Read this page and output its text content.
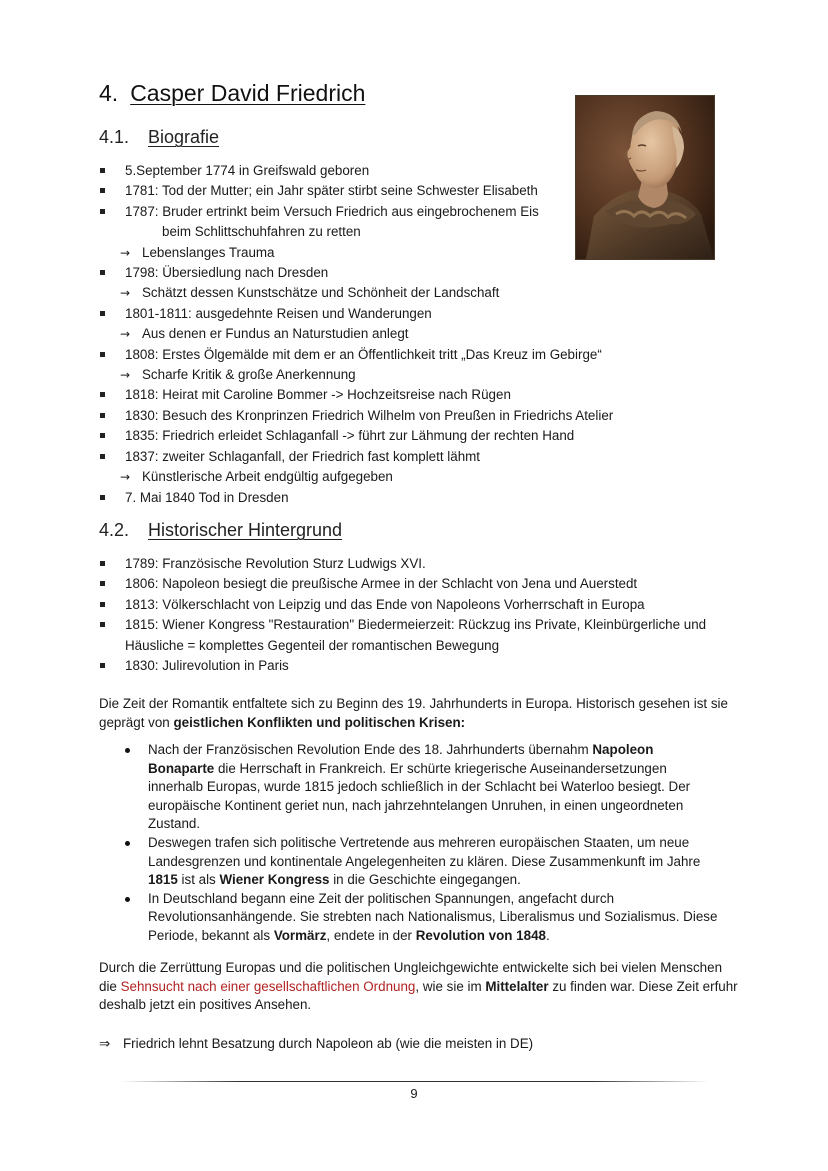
4. Casper David Friedrich
4.1. Biografie
5.September 1774 in Greifswald geboren
1781: Tod der Mutter; ein Jahr später stirbt seine Schwester Elisabeth
1787: Bruder ertrinkt beim Versuch Friedrich aus eingebrochenem Eis
beim Schlittschuhfahren zu retten
→ Lebenslanges Trauma
1798: Übersiedlung nach Dresden
→ Schätzt dessen Kunstschätze und Schönheit der Landschaft
1801-1811: ausgedehnte Reisen und Wanderungen
→ Aus denen er Fundus an Naturstudien anlegt
1808: Erstes Ölgemälde mit dem er an Öffentlichkeit tritt „Das Kreuz im Gebirge“
→ Scharfe Kritik & große Anerkennung
1818: Heirat mit Caroline Bommer -> Hochzeitsreise nach Rügen
1830: Besuch des Kronprinzen Friedrich Wilhelm von Preußen in Friedrichs Atelier
1835: Friedrich erleidet Schlaganfall -> führt zur Lähmung der rechten Hand
1837: zweiter Schlaganfall, der Friedrich fast komplett lähmt
→ Künstlerische Arbeit endgültig aufgegeben
7. Mai 1840 Tod in Dresden
4.2. Historischer Hintergrund
1789: Französische Revolution Sturz Ludwigs XVI.
1806: Napoleon besiegt die preußische Armee in der Schlacht von Jena und Auerstedt
1813: Völkerschlacht von Leipzig und das Ende von Napoleons Vorherrschaft in Europa
1815: Wiener Kongress "Restauration" Biedermeierzeit: Rückzug ins Private, Kleinbürgerliche und Häusliche = komplettes Gegenteil der romantischen Bewegung
1830: Julirevolution in Paris

Die Zeit der Romantik entfaltete sich zu Beginn des 19. Jahrhunderts in Europa. Historisch gesehen ist sie geprägt von geistlichen Konflikten und politischen Krisen:

Nach der Französischen Revolution Ende des 18. Jahrhunderts übernahm Napoleon Bonaparte die Herrschaft in Frankreich. Er schürte kriegerische Auseinandersetzungen innerhalb Europas, wurde 1815 jedoch schließlich in der Schlacht bei Waterloo besiegt. Der europäische Kontinent geriet nun, nach jahrzehntelangen Unruhen, in einen ungeordneten Zustand.
Deswegen trafen sich politische Vertretende aus mehreren europäischen Staaten, um neue Landesgrenzen und kontinentale Angelegenheiten zu klären. Diese Zusammenkunft im Jahre 1815 ist als Wiener Kongress in die Geschichte eingegangen.
In Deutschland begann eine Zeit der politischen Spannungen, angefacht durch Revolutionsanhängende. Sie strebten nach Nationalismus, Liberalismus und Sozialismus. Diese Periode, bekannt als Vormärz, endete in der Revolution von 1848.

Durch die Zerrüttung Europas und die politischen Ungleichgewichte entwickelte sich bei vielen Menschen die Sehnsucht nach einer gesellschaftlichen Ordnung, wie sie im Mittelalter zu finden war. Diese Zeit erfuhr deshalb jetzt ein positives Ansehen.

⇒ Friedrich lehnt Besatzung durch Napoleon ab (wie die meisten in DE)

9
